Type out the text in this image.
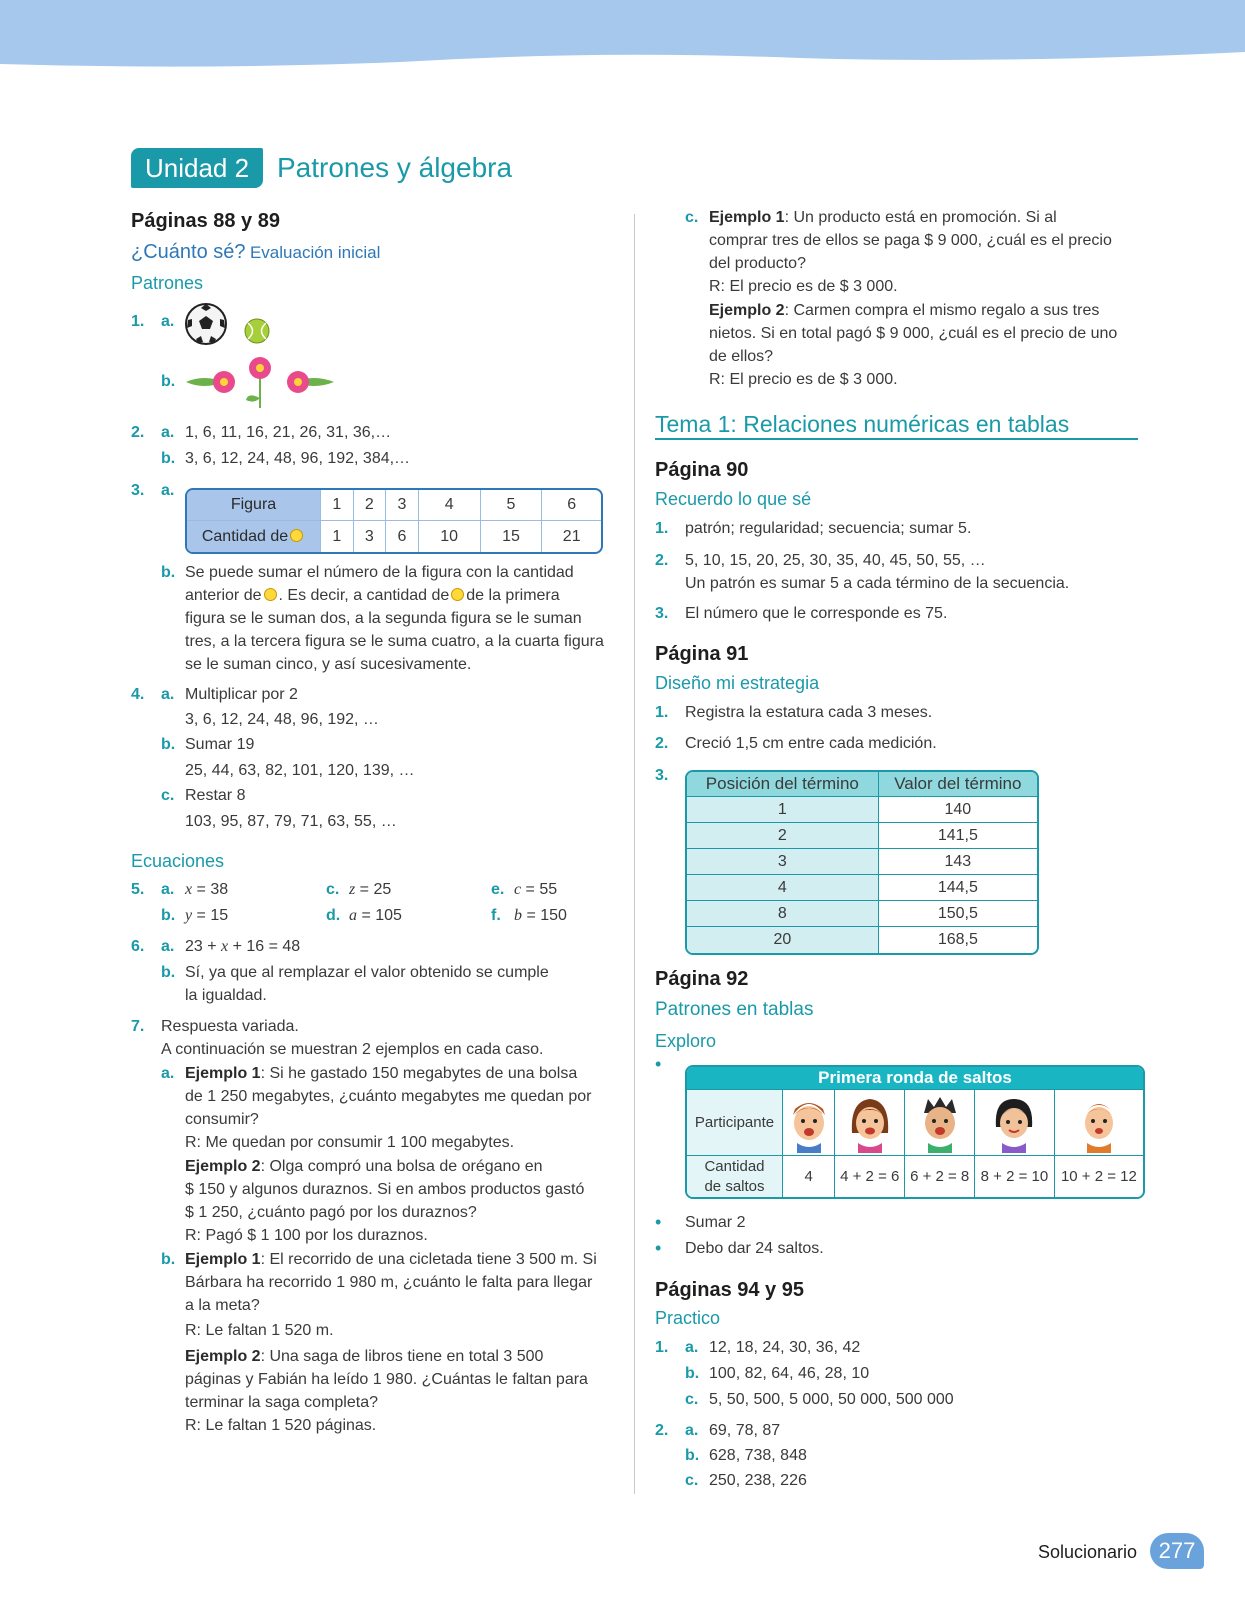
Unidad 2 Patrones y álgebra
Páginas 88 y 89
¿Cuánto sé? Evaluación inicial
Patrones
1. a.
b.
2. a. 1, 6, 11, 16, 21, 26, 31, 36,…
b. 3, 6, 12, 24, 48, 96, 192, 384,…
3. a.
Figura	1	2	3	4	5	6
Cantidad de	1	3	6	10	15	21
b. Se puede sumar el número de la figura con la cantidad
anterior de . Es decir, a cantidad de de la primera
figura se le suman dos, a la segunda figura se le suman
tres, a la tercera figura se le suma cuatro, a la cuarta figura
se le suman cinco, y así sucesivamente.
4. a. Multiplicar por 2
3, 6, 12, 24, 48, 96, 192, …
b. Sumar 19
25, 44, 63, 82, 101, 120, 139, …
c. Restar 8
103, 95, 87, 79, 71, 63, 55, …
Ecuaciones
5. a. x = 38
b. y = 15
c. z = 25
d. a = 105
e. c = 55
f. b = 150
6. a. 23 + x + 16 = 48
b. Sí, ya que al remplazar el valor obtenido se cumple
la igualdad.
7. Respuesta variada.
A continuación se muestran 2 ejemplos en cada caso.
a. Ejemplo 1: Si he gastado 150 megabytes de una bolsa
de 1 250 megabytes, ¿cuánto megabytes me quedan por
consumir?
R: Me quedan por consumir 1 100 megabytes.
Ejemplo 2: Olga compró una bolsa de orégano en
$ 150 y algunos duraznos. Si en ambos productos gastó
$ 1 250, ¿cuánto pagó por los duraznos?
R: Pagó $ 1 100 por los duraznos.
b. Ejemplo 1: El recorrido de una cicletada tiene 3 500 m. Si
Bárbara ha recorrido 1 980 m, ¿cuánto le falta para llegar
a la meta?
R: Le faltan 1 520 m.
Ejemplo 2: Una saga de libros tiene en total 3 500
páginas y Fabián ha leído 1 980. ¿Cuántas le faltan para
terminar la saga completa?
R: Le faltan 1 520 páginas.
c. Ejemplo 1: Un producto está en promoción. Si al
comprar tres de ellos se paga $ 9 000, ¿cuál es el precio
del producto?
R: El precio es de $ 3 000.
Ejemplo 2: Carmen compra el mismo regalo a sus tres
nietos. Si en total pagó $ 9 000, ¿cuál es el precio de uno
de ellos?
R: El precio es de $ 3 000.
Tema 1: Relaciones numéricas en tablas
Página 90
Recuerdo lo que sé
1. patrón; regularidad; secuencia; sumar 5.
2. 5, 10, 15, 20, 25, 30, 35, 40, 45, 50, 55, …
Un patrón es sumar 5 a cada término de la secuencia.
3. El número que le corresponde es 75.
Página 91
Diseño mi estrategia
1. Registra la estatura cada 3 meses.
2. Creció 1,5 cm entre cada medición.
3. Posición del término	Valor del término
1	140
2	141,5
3	143
4	144,5
8	150,5
20	168,5
Página 92
Patrones en tablas
Exploro
•
Primera ronda de saltos					
Participante	

Cantidad
de saltos	4	4 + 2 = 6	6 + 2 = 8	8 + 2 = 10	10 + 2 = 12
• Sumar 2
• Debo dar 24 saltos.
Páginas 94 y 95
Practico
1. a. 12, 18, 24, 30, 36, 42
b. 100, 82, 64, 46, 28, 10
c. 5, 50, 500, 5 000, 50 000, 500 000
2. a. 69, 78, 87
b. 628, 738, 848
c. 250, 238, 226
Solucionario 277
